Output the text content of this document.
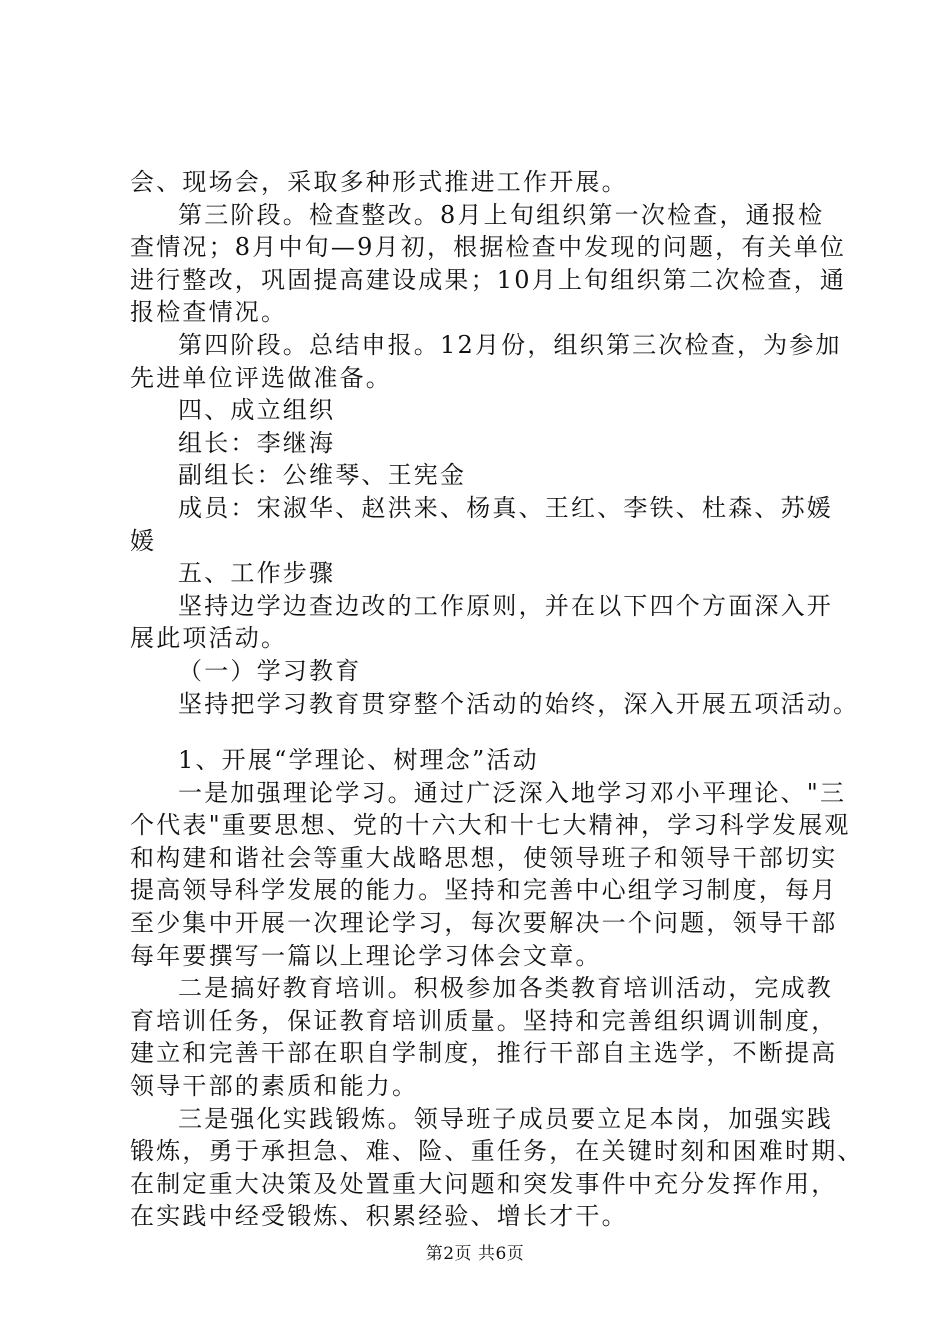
会、现场会，采取多种形式推进工作开展。
第三阶段。检查整改。8月上旬组织第一次检查，通报检
查情况；8月中旬—9月初，根据检查中发现的问题，有关单位
进行整改，巩固提高建设成果；10月上旬组织第二次检查，通
报检查情况。
第四阶段。总结申报。12月份，组织第三次检查，为参加
先进单位评选做准备。
四、成立组织
组长：李继海
副组长：公维琴、王宪金
成员：宋淑华、赵洪来、杨真、王红、李铁、杜森、苏媛
媛
五、工作步骤
坚持边学边查边改的工作原则，并在以下四个方面深入开
展此项活动。
（一）学习教育
坚持把学习教育贯穿整个活动的始终，深入开展五项活动。
1、开展“学理论、树理念”活动
一是加强理论学习。通过广泛深入地学习邓小平理论、"三
个代表"重要思想、党的十六大和十七大精神，学习科学发展观
和构建和谐社会等重大战略思想，使领导班子和领导干部切实
提高领导科学发展的能力。坚持和完善中心组学习制度，每月
至少集中开展一次理论学习，每次要解决一个问题，领导干部
每年要撰写一篇以上理论学习体会文章。
二是搞好教育培训。积极参加各类教育培训活动，完成教
育培训任务，保证教育培训质量。坚持和完善组织调训制度，
建立和完善干部在职自学制度，推行干部自主选学，不断提高
领导干部的素质和能力。
三是强化实践锻炼。领导班子成员要立足本岗，加强实践
锻炼，勇于承担急、难、险、重任务，在关键时刻和困难时期、
在制定重大决策及处置重大问题和突发事件中充分发挥作用，
在实践中经受锻炼、积累经验、增长才干。
第2页 共6页
